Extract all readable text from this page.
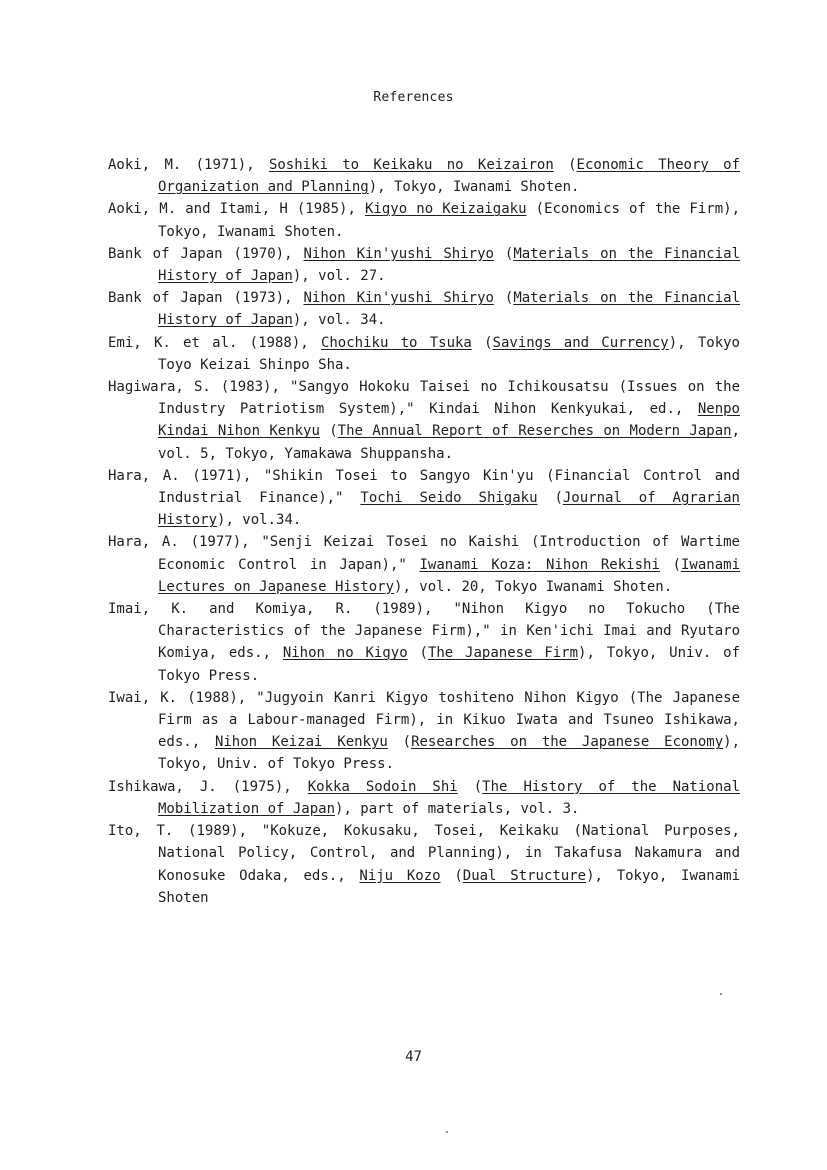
References
Aoki, M. (1971), Soshiki to Keikaku no Keizairon (Economic Theory of Organization and Planning), Tokyo, Iwanami Shoten.
Aoki, M. and Itami, H (1985), Kigyo no Keizaigaku (Economics of the Firm), Tokyo, Iwanami Shoten.
Bank of Japan (1970), Nihon Kin'yushi Shiryo (Materials on the Financial History of Japan), vol. 27.
Bank of Japan (1973), Nihon Kin'yushi Shiryo (Materials on the Financial History of Japan), vol. 34.
Emi, K. et al. (1988), Chochiku to Tsuka (Savings and Currency), Tokyo Toyo Keizai Shinpo Sha.
Hagiwara, S. (1983), "Sangyo Hokoku Taisei no Ichikousatsu (Issues on the Industry Patriotism System)," Kindai Nihon Kenkyukai, ed., Nenpo Kindai Nihon Kenkyu (The Annual Report of Reserches on Modern Japan, vol. 5, Tokyo, Yamakawa Shuppansha.
Hara, A. (1971), "Shikin Tosei to Sangyo Kin'yu (Financial Control and Industrial Finance)," Tochi Seido Shigaku (Journal of Agrarian History), vol.34.
Hara, A. (1977), "Senji Keizai Tosei no Kaishi (Introduction of Wartime Economic Control in Japan)," Iwanami Koza: Nihon Rekishi (Iwanami Lectures on Japanese History), vol. 20, Tokyo Iwanami Shoten.
Imai, K. and Komiya, R. (1989), "Nihon Kigyo no Tokucho (The Characteristics of the Japanese Firm)," in Ken'ichi Imai and Ryutaro Komiya, eds., Nihon no Kigyo (The Japanese Firm), Tokyo, Univ. of Tokyo Press.
Iwai, K. (1988), "Jugyoin Kanri Kigyo toshiteno Nihon Kigyo (The Japanese Firm as a Labour-managed Firm), in Kikuo Iwata and Tsuneo Ishikawa, eds., Nihon Keizai Kenkyu (Researches on the Japanese Economy), Tokyo, Univ. of Tokyo Press.
Ishikawa, J. (1975), Kokka Sodoin Shi (The History of the National Mobilization of Japan), part of materials, vol. 3.
Ito, T. (1989), "Kokuze, Kokusaku, Tosei, Keikaku (National Purposes, National Policy, Control, and Planning), in Takafusa Nakamura and Konosuke Odaka, eds., Niju Kozo (Dual Structure), Tokyo, Iwanami Shoten
47
